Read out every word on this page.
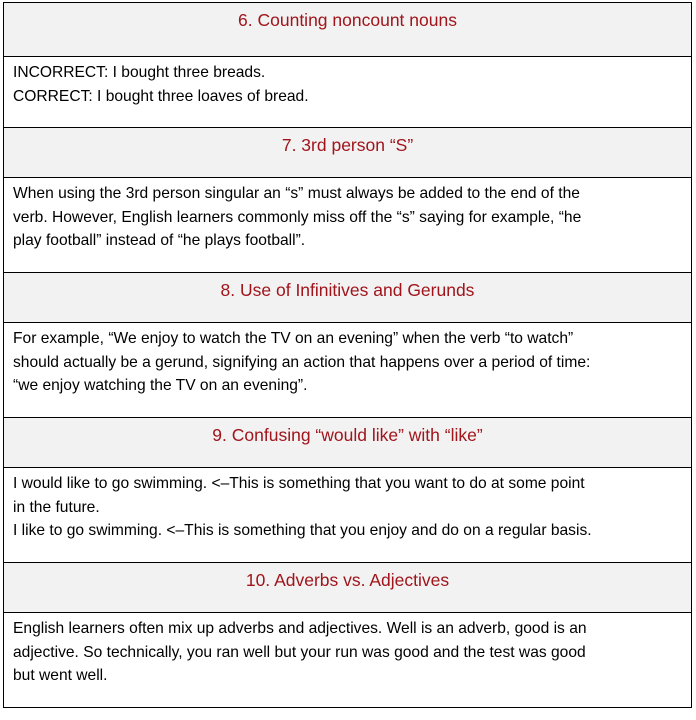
6. Counting noncount nouns

INCORRECT: I bought three breads.
CORRECT: I bought three loaves of bread.

7. 3rd person “S”

When using the 3rd person singular an “s” must always be added to the end of the
verb. However, English learners commonly miss off the “s” saying for example, “he
play football” instead of “he plays football”.

8. Use of Infinitives and Gerunds

For example, “We enjoy to watch the TV on an evening” when the verb “to watch”
should actually be a gerund, signifying an action that happens over a period of time:
“we enjoy watching the TV on an evening”.

9. Confusing “would like” with “like”

I would like to go swimming. <–This is something that you want to do at some point
in the future.
I like to go swimming. <–This is something that you enjoy and do on a regular basis.

10. Adverbs vs. Adjectives

English learners often mix up adverbs and adjectives. Well is an adverb, good is an
adjective. So technically, you ran well but your run was good and the test was good
but went well.
